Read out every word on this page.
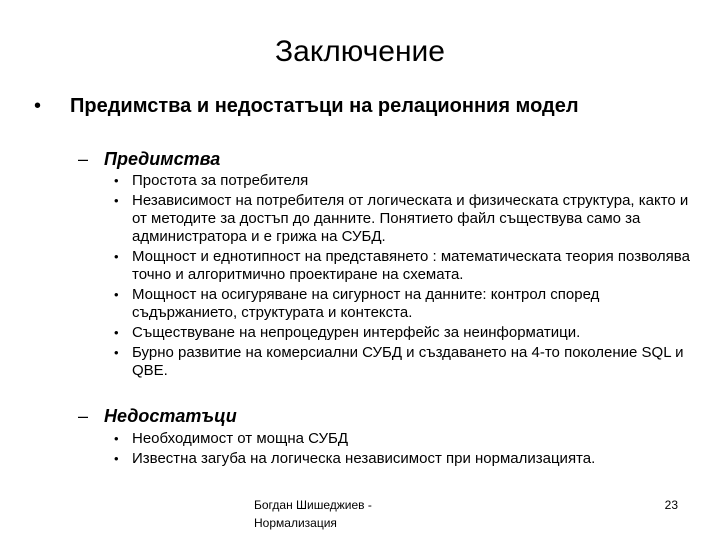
Заключение
• Предимства и недостатъци на релационния модел
– Предимства
• Простота за потребителя
• Независимост на потребителя от логическата и физическата структура, както и от методите за достъп до данните. Понятието файл съществува само за администратора и е грижа на СУБД.
• Мощност и еднотипност на представянето : математическата теория позволява точно и алгоритмично проектиране на схемата.
• Мощност на осигуряване на сигурност на данните: контрол според съдържанието, структурата и контекста.
• Съществуване на непроцедурен интерфейс за неинформатици.
• Бурно развитие на комерсиални СУБД и създаването на 4-то поколение SQL и QBE.
– Недостатъци
• Необходимост от мощна СУБД
• Известна загуба на логическа независимост при нормализацията.
Богдан Шишеджиев - Нормализация
23
